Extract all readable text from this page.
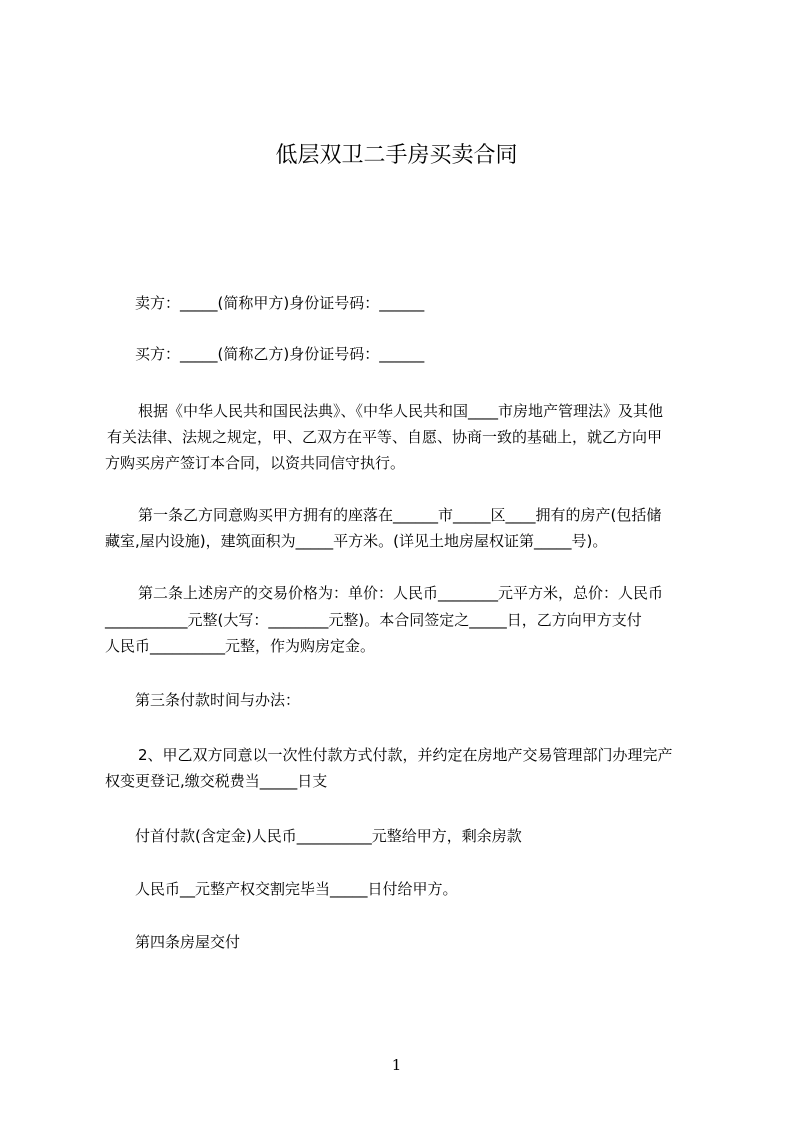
低层双卫二手房买卖合同
卖方：_____(简称甲方)身份证号码：______
买方：_____(简称乙方)身份证号码：______
根据《中华人民共和国民法典》、《中华人民共和国____市房地产管理法》及其他
有关法律、法规之规定，甲、乙双方在平等、自愿、协商一致的基础上，就乙方向甲
方购买房产签订本合同，以资共同信守执行。
第一条乙方同意购买甲方拥有的座落在______市_____区____拥有的房产(包括储
藏室,屋内设施)，建筑面积为_____平方米。(详见土地房屋权证第_____号)。
第二条上述房产的交易价格为：单价：人民币________元平方米，总价：人民币
___________元整(大写：________元整)。本合同签定之_____日，乙方向甲方支付
人民币__________元整，作为购房定金。
第三条付款时间与办法：
2、甲乙双方同意以一次性付款方式付款，并约定在房地产交易管理部门办理完产
权变更登记,缴交税费当_____日支
付首付款(含定金)人民币__________元整给甲方，剩余房款
人民币__元整产权交割完毕当_____日付给甲方。
第四条房屋交付
1
